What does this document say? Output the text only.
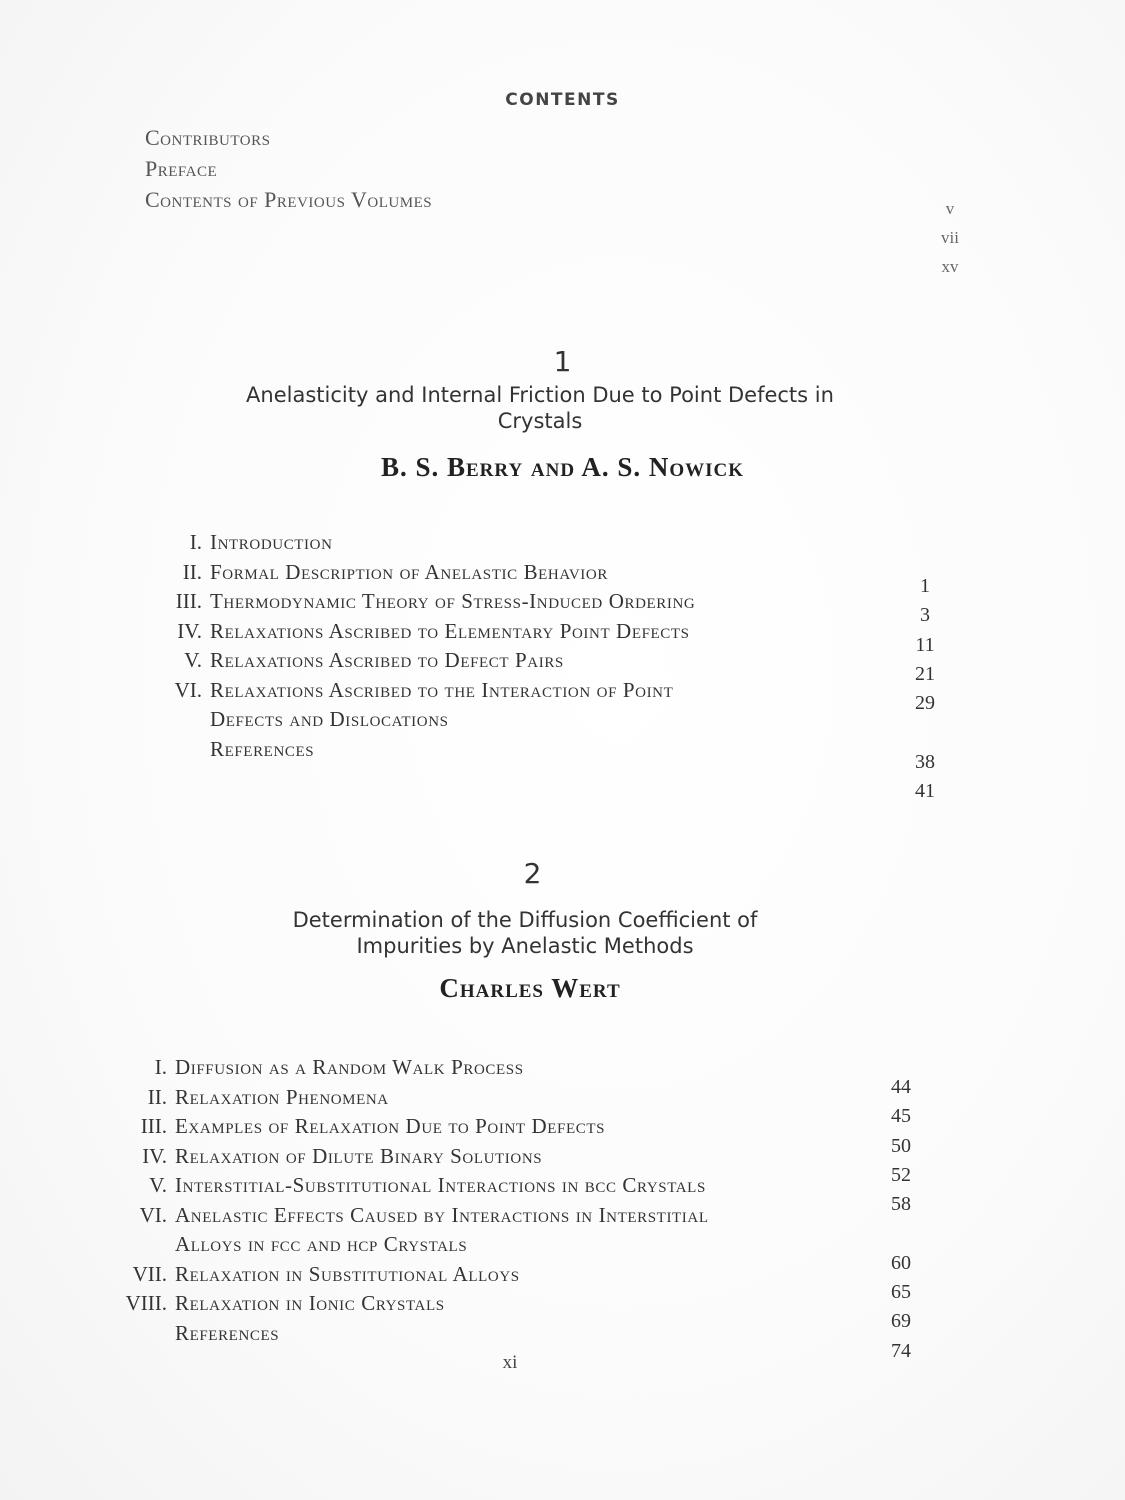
CONTENTS
Contributors
Preface
Contents of Previous Volumes	v
vii
xv
1
Anelasticity and Internal Friction Due to Point Defects in
Crystals
B. S. Berry and A. S. Nowick
I. Introduction
II. Formal Description of Anelastic Behavior
III. Thermodynamic Theory of Stress-Induced Ordering
IV. Relaxations Ascribed to Elementary Point Defects
V. Relaxations Ascribed to Defect Pairs
VI. Relaxations Ascribed to the Interaction of Point
Defects and Dislocations
References
1
3
11
21
29
38
41
2
Determination of the Diffusion Coefficient of
Impurities by Anelastic Methods
Charles Wert
I. Diffusion as a Random Walk Process
II. Relaxation Phenomena
III. Examples of Relaxation Due to Point Defects
IV. Relaxation of Dilute Binary Solutions
V. Interstitial-Substitutional Interactions in bcc Crystals
VI. Anelastic Effects Caused by Interactions in Interstitial
Alloys in fcc and hcp Crystals
VII. Relaxation in Substitutional Alloys
VIII. Relaxation in Ionic Crystals
References
44
45
50
52
58
60
65
69
74
xi
